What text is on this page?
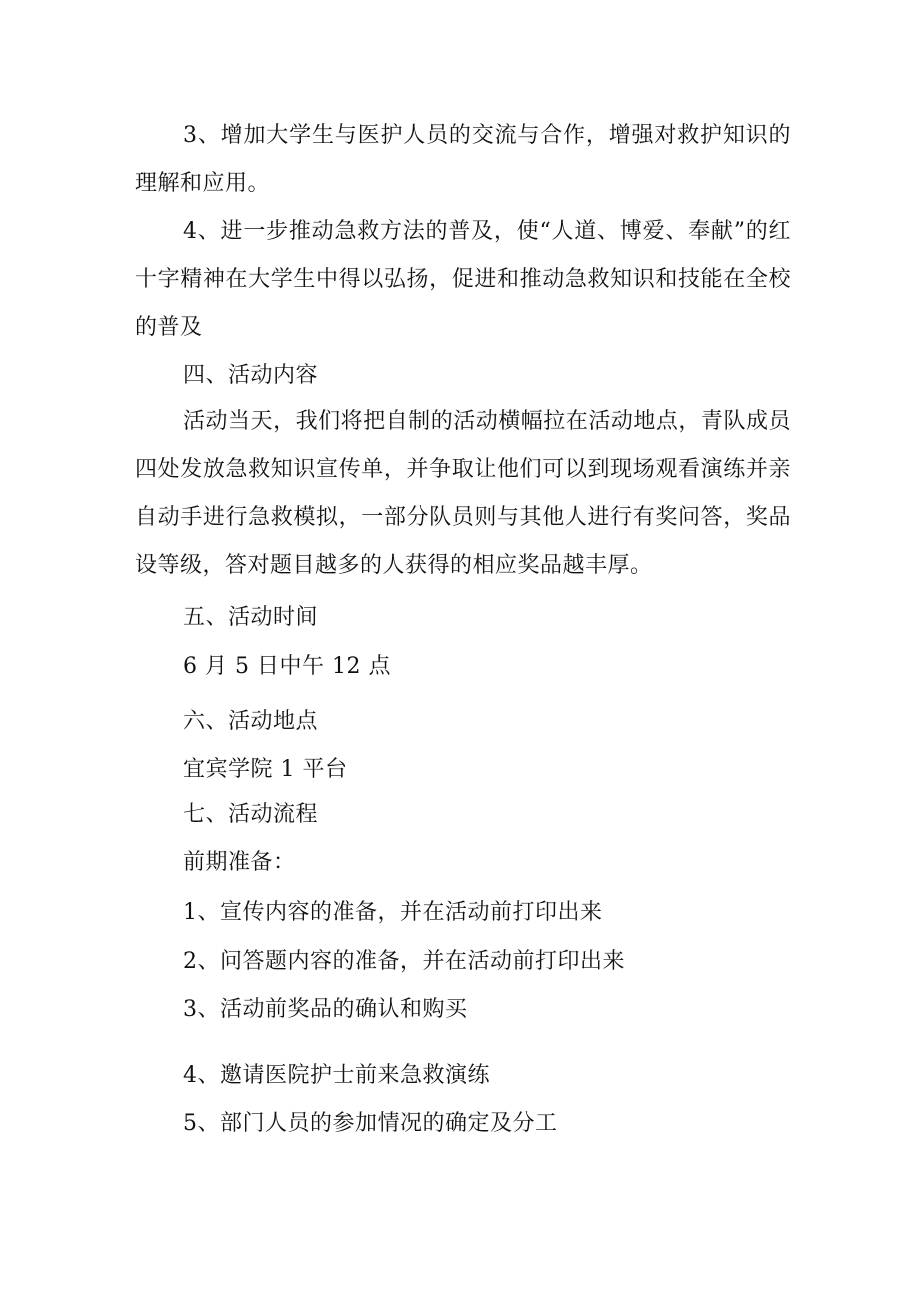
3、增加大学生与医护人员的交流与合作，增强对救护知识的理解和应用。

4、进一步推动急救方法的普及，使“人道、博爱、奉献”的红十字精神在大学生中得以弘扬，促进和推动急救知识和技能在全校的普及

四、活动内容

活动当天，我们将把自制的活动横幅拉在活动地点，青队成员四处发放急救知识宣传单，并争取让他们可以到现场观看演练并亲自动手进行急救模拟，一部分队员则与其他人进行有奖问答，奖品设等级，答对题目越多的人获得的相应奖品越丰厚。

五、活动时间

6 月 5 日中午 12 点

六、活动地点

宜宾学院 1 平台

七、活动流程

前期准备：

1、宣传内容的准备，并在活动前打印出来

2、问答题内容的准备，并在活动前打印出来

3、活动前奖品的确认和购买

4、邀请医院护士前来急救演练

5、部门人员的参加情况的确定及分工
